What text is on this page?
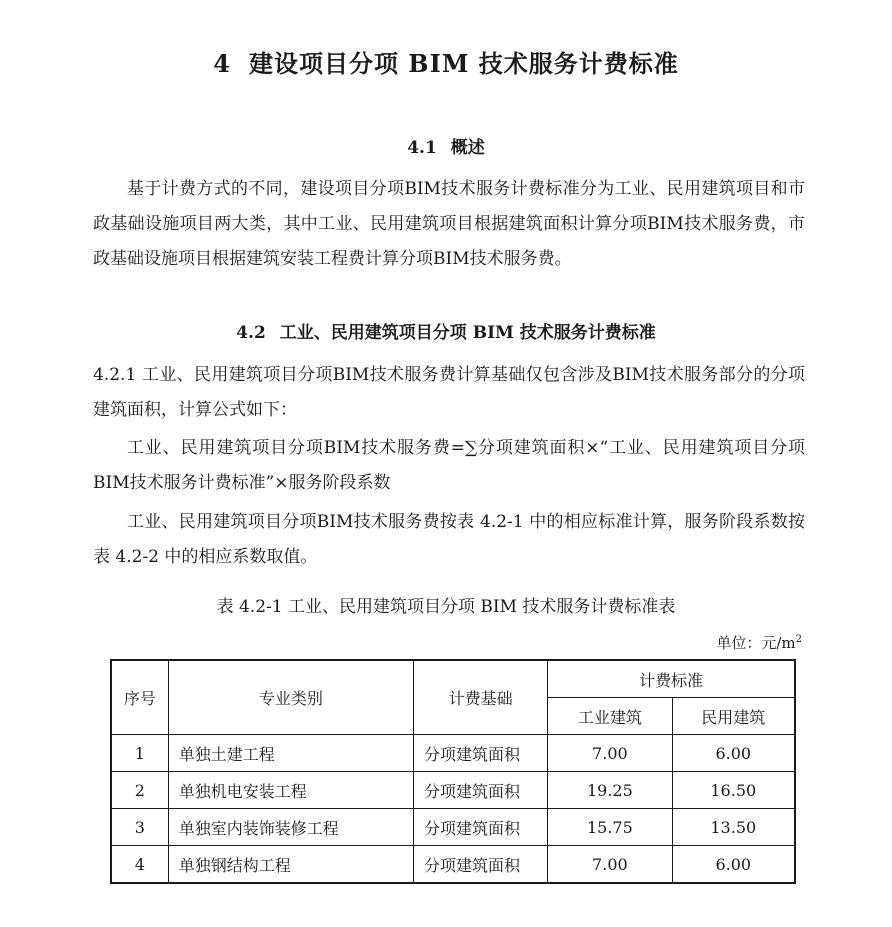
4 建设项目分项 BIM 技术服务计费标准
4.1 概述

基于计费方式的不同，建设项目分项BIM技术服务计费标准分为工业、民用建筑项目和市政基础设施项目两大类，其中工业、民用建筑项目根据建筑面积计算分项BIM技术服务费，市政基础设施项目根据建筑安装工程费计算分项BIM技术服务费。

4.2 工业、民用建筑项目分项 BIM 技术服务计费标准

4.2.1 工业、民用建筑项目分项BIM技术服务费计算基础仅包含涉及BIM技术服务部分的分项建筑面积，计算公式如下：

工业、民用建筑项目分项BIM技术服务费=∑分项建筑面积×“工业、民用建筑项目分项BIM技术服务计费标准”×服务阶段系数

工业、民用建筑项目分项BIM技术服务费按表 4.2-1 中的相应标准计算，服务阶段系数按表 4.2-2 中的相应系数取值。

表 4.2-1 工业、民用建筑项目分项 BIM 技术服务计费标准表
单位：元$/m^2$
序号	专业类别	计费基础	计费标准	
			工业建筑	民用建筑
1	单独土建工程	分项建筑面积	7.00	6.00
2	单独机电安装工程	分项建筑面积	19.25	16.50
3	单独室内装饰装修工程	分项建筑面积	15.75	13.50
4	单独钢结构工程	分项建筑面积	7.00	6.00
